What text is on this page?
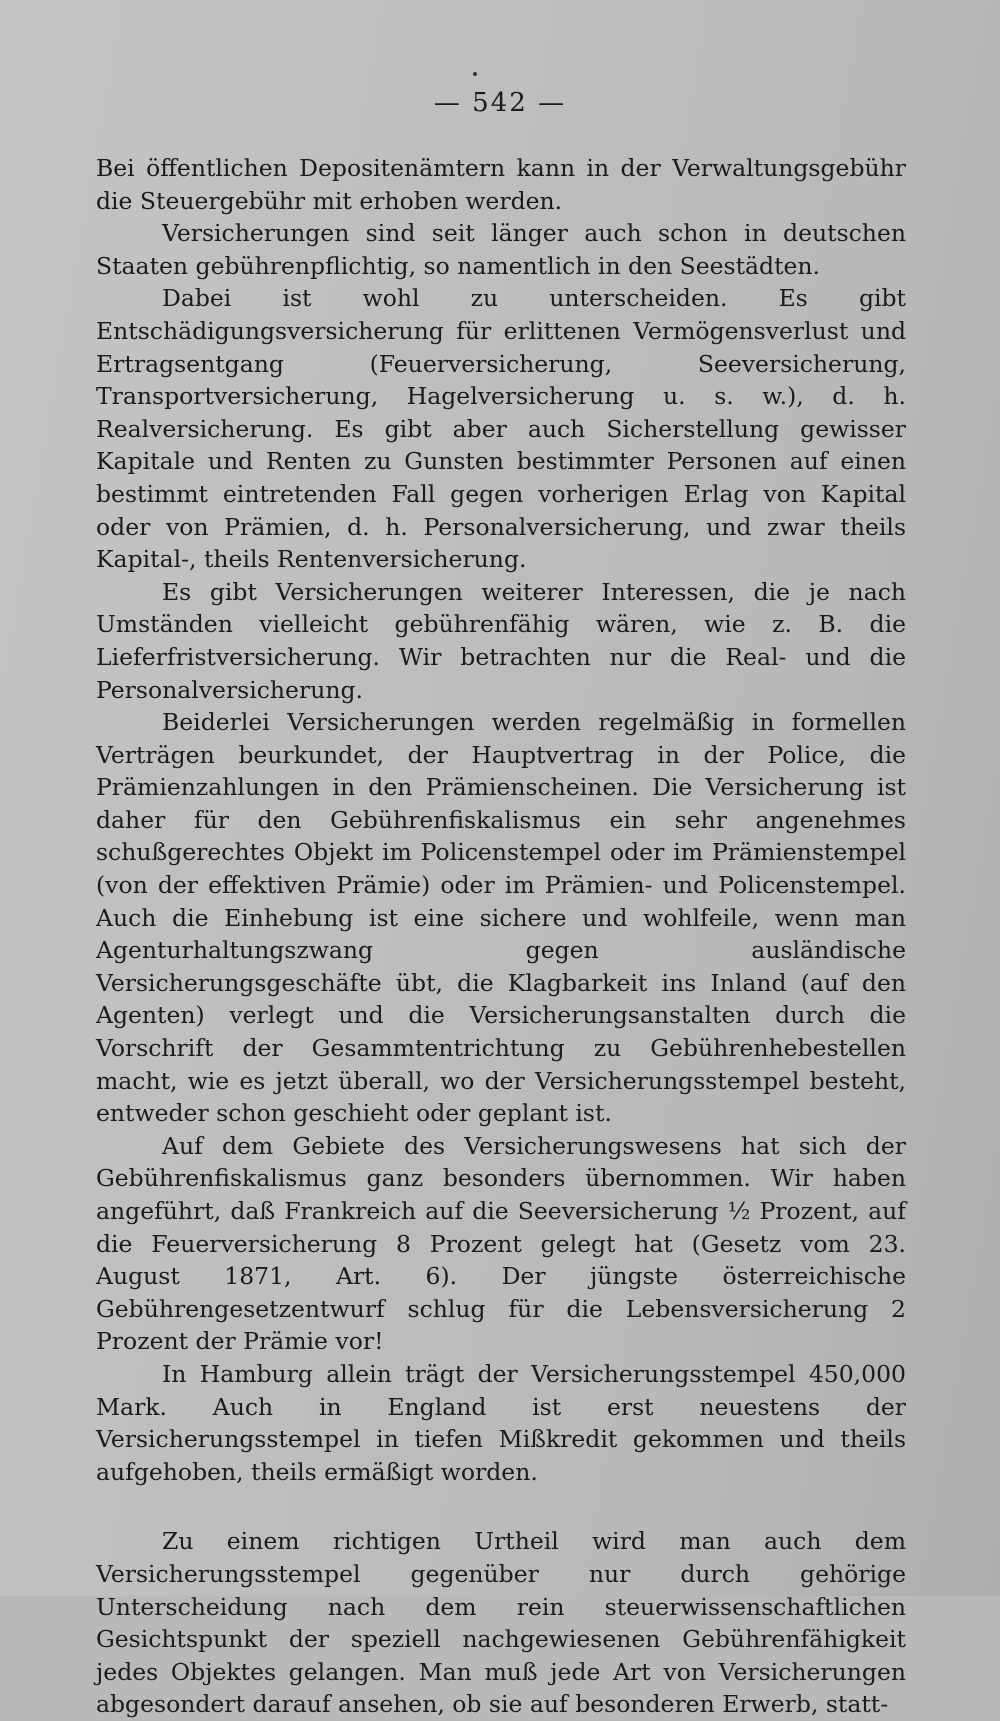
— 542 —

Bei öffentlichen Depositenämtern kann in der Verwaltungsgebühr die Steuergebühr mit erhoben werden.

Versicherungen sind seit länger auch schon in deutschen Staaten gebührenpflichtig, so namentlich in den Seestädten.

Dabei ist wohl zu unterscheiden. Es gibt Entschädigungsversicherung für erlittenen Vermögensverlust und Ertragsentgang (Feuerversicherung, Seeversicherung, Transportversicherung, Hagelversicherung u. s. w.), d. h. Realversicherung. Es gibt aber auch Sicherstellung gewisser Kapitale und Renten zu Gunsten bestimmter Personen auf einen bestimmt eintretenden Fall gegen vorherigen Erlag von Kapital oder von Prämien, d. h. Personalversicherung, und zwar theils Kapital-, theils Rentenversicherung.

Es gibt Versicherungen weiterer Interessen, die je nach Umständen vielleicht gebührenfähig wären, wie z. B. die Lieferfristversicherung. Wir betrachten nur die Real- und die Personalversicherung.

Beiderlei Versicherungen werden regelmäßig in formellen Verträgen beurkundet, der Hauptvertrag in der Police, die Prämienzahlungen in den Prämienscheinen. Die Versicherung ist daher für den Gebührenfiskalismus ein sehr angenehmes schußgerechtes Objekt im Policenstempel oder im Prämienstempel (von der effektiven Prämie) oder im Prämien- und Policenstempel. Auch die Einhebung ist eine sichere und wohlfeile, wenn man Agenturhaltungszwang gegen ausländische Versicherungsgeschäfte übt, die Klagbarkeit ins Inland (auf den Agenten) verlegt und die Versicherungsanstalten durch die Vorschrift der Gesammtentrichtung zu Gebührenhebestellen macht, wie es jetzt überall, wo der Versicherungsstempel besteht, entweder schon geschieht oder geplant ist.

Auf dem Gebiete des Versicherungswesens hat sich der Gebührenfiskalismus ganz besonders übernommen. Wir haben angeführt, daß Frankreich auf die Seeversicherung ½ Prozent, auf die Feuerversicherung 8 Prozent gelegt hat (Gesetz vom 23. August 1871, Art. 6). Der jüngste österreichische Gebührengesetzentwurf schlug für die Lebensversicherung 2 Prozent der Prämie vor!

In Hamburg allein trägt der Versicherungsstempel 450,000 Mark. Auch in England ist erst neuestens der Versicherungsstempel in tiefen Mißkredit gekommen und theils aufgehoben, theils ermäßigt worden.

Zu einem richtigen Urtheil wird man auch dem Versicherungsstempel gegenüber nur durch gehörige Unterscheidung nach dem rein steuerwissenschaftlichen Gesichtspunkt der speziell nachgewiesenen Gebührenfähigkeit jedes Objektes gelangen. Man muß jede Art von Versicherungen abgesondert darauf ansehen, ob sie auf besonderen Erwerb, statt-
